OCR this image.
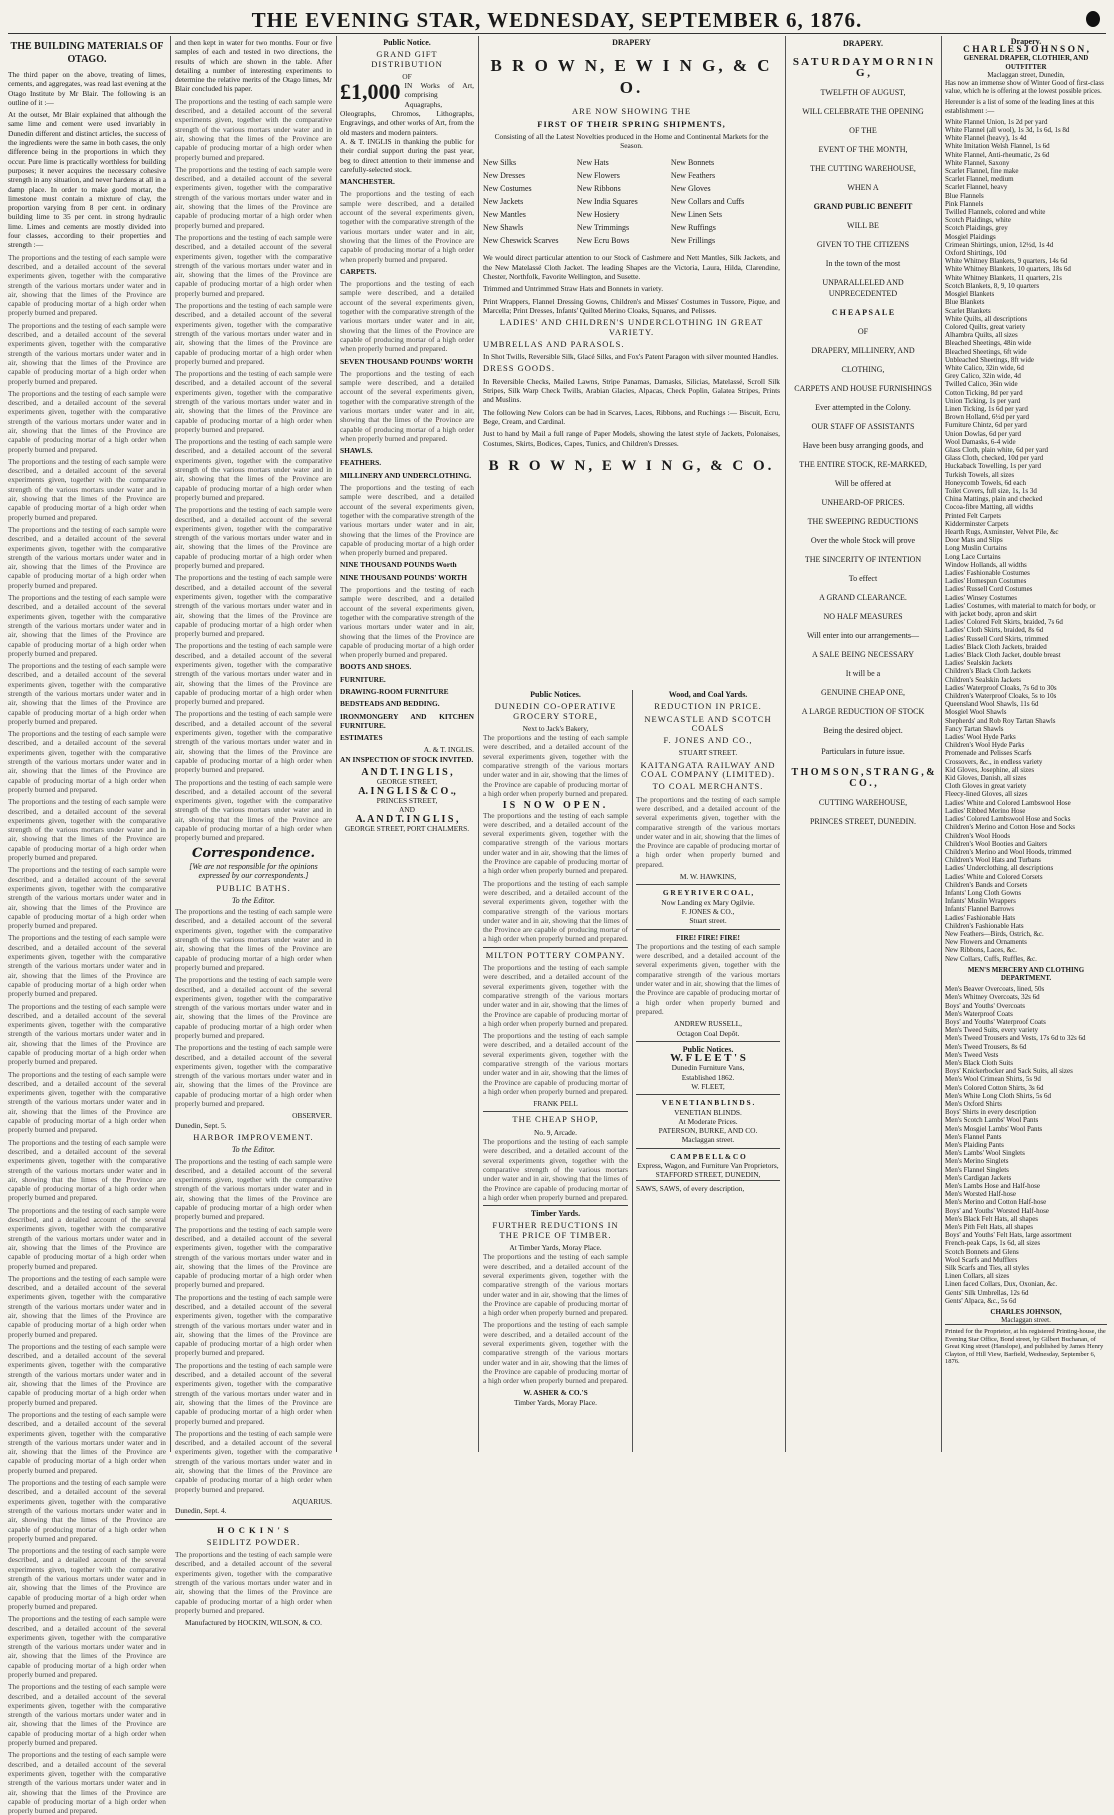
THE EVENING STAR, WEDNESDAY, SEPTEMBER 6, 1876.
THE BUILDING MATERIALS OF OTAGO.

The third paper on the above, treating of limes, cements, and aggregates, was read last evening at the Otago Institute by Mr Blair. The following is an outline of it :—

At the outset, Mr Blair explained that although the same lime and cement were used invariably in Dunedin different and distinct articles, the success of the ingredients were the same in both cases, the only difference being in the proportions in which they occur. Pure lime is practically worthless for building purposes; it never acquires the necessary cohesive strength in any situation, and never hardens at all in a damp place. In order to make good mortar, the limestone must contain a mixture of clay, the proportion varying from 8 per cent. in ordinary building lime to 35 per cent. in strong hydraulic lime. Limes and cements are mostly divided into four classes, according to their properties and strength :—

The proportions and the testing of each sample were described, and a detailed account of the several experiments given, together with the comparative strength of the various mortars under water and in air, showing that the limes of the Province are capable of producing mortar of a high order when properly burned and prepared.

The proportions and the testing of each sample were described, and a detailed account of the several experiments given, together with the comparative strength of the various mortars under water and in air, showing that the limes of the Province are capable of producing mortar of a high order when properly burned and prepared.

The proportions and the testing of each sample were described, and a detailed account of the several experiments given, together with the comparative strength of the various mortars under water and in air, showing that the limes of the Province are capable of producing mortar of a high order when properly burned and prepared.

The proportions and the testing of each sample were described, and a detailed account of the several experiments given, together with the comparative strength of the various mortars under water and in air, showing that the limes of the Province are capable of producing mortar of a high order when properly burned and prepared.

The proportions and the testing of each sample were described, and a detailed account of the several experiments given, together with the comparative strength of the various mortars under water and in air, showing that the limes of the Province are capable of producing mortar of a high order when properly burned and prepared.

The proportions and the testing of each sample were described, and a detailed account of the several experiments given, together with the comparative strength of the various mortars under water and in air, showing that the limes of the Province are capable of producing mortar of a high order when properly burned and prepared.

The proportions and the testing of each sample were described, and a detailed account of the several experiments given, together with the comparative strength of the various mortars under water and in air, showing that the limes of the Province are capable of producing mortar of a high order when properly burned and prepared.

The proportions and the testing of each sample were described, and a detailed account of the several experiments given, together with the comparative strength of the various mortars under water and in air, showing that the limes of the Province are capable of producing mortar of a high order when properly burned and prepared.

The proportions and the testing of each sample were described, and a detailed account of the several experiments given, together with the comparative strength of the various mortars under water and in air, showing that the limes of the Province are capable of producing mortar of a high order when properly burned and prepared.

The proportions and the testing of each sample were described, and a detailed account of the several experiments given, together with the comparative strength of the various mortars under water and in air, showing that the limes of the Province are capable of producing mortar of a high order when properly burned and prepared.

The proportions and the testing of each sample were described, and a detailed account of the several experiments given, together with the comparative strength of the various mortars under water and in air, showing that the limes of the Province are capable of producing mortar of a high order when properly burned and prepared.

The proportions and the testing of each sample were described, and a detailed account of the several experiments given, together with the comparative strength of the various mortars under water and in air, showing that the limes of the Province are capable of producing mortar of a high order when properly burned and prepared.

The proportions and the testing of each sample were described, and a detailed account of the several experiments given, together with the comparative strength of the various mortars under water and in air, showing that the limes of the Province are capable of producing mortar of a high order when properly burned and prepared.

The proportions and the testing of each sample were described, and a detailed account of the several experiments given, together with the comparative strength of the various mortars under water and in air, showing that the limes of the Province are capable of producing mortar of a high order when properly burned and prepared.

The proportions and the testing of each sample were described, and a detailed account of the several experiments given, together with the comparative strength of the various mortars under water and in air, showing that the limes of the Province are capable of producing mortar of a high order when properly burned and prepared.

The proportions and the testing of each sample were described, and a detailed account of the several experiments given, together with the comparative strength of the various mortars under water and in air, showing that the limes of the Province are capable of producing mortar of a high order when properly burned and prepared.

The proportions and the testing of each sample were described, and a detailed account of the several experiments given, together with the comparative strength of the various mortars under water and in air, showing that the limes of the Province are capable of producing mortar of a high order when properly burned and prepared.

The proportions and the testing of each sample were described, and a detailed account of the several experiments given, together with the comparative strength of the various mortars under water and in air, showing that the limes of the Province are capable of producing mortar of a high order when properly burned and prepared.

The proportions and the testing of each sample were described, and a detailed account of the several experiments given, together with the comparative strength of the various mortars under water and in air, showing that the limes of the Province are capable of producing mortar of a high order when properly burned and prepared.

The proportions and the testing of each sample were described, and a detailed account of the several experiments given, together with the comparative strength of the various mortars under water and in air, showing that the limes of the Province are capable of producing mortar of a high order when properly burned and prepared.

The proportions and the testing of each sample were described, and a detailed account of the several experiments given, together with the comparative strength of the various mortars under water and in air, showing that the limes of the Province are capable of producing mortar of a high order when properly burned and prepared.

The proportions and the testing of each sample were described, and a detailed account of the several experiments given, together with the comparative strength of the various mortars under water and in air, showing that the limes of the Province are capable of producing mortar of a high order when properly burned and prepared.

The proportions and the testing of each sample were described, and a detailed account of the several experiments given, together with the comparative strength of the various mortars under water and in air, showing that the limes of the Province are capable of producing mortar of a high order when properly burned and prepared.

and then kept in water for two months. Four or five samples of each and tested in two directions, the results of which are shown in the table. After detailing a number of interesting experiments to determine the relative merits of the Otago limes, Mr Blair concluded his paper.

The proportions and the testing of each sample were described, and a detailed account of the several experiments given, together with the comparative strength of the various mortars under water and in air, showing that the limes of the Province are capable of producing mortar of a high order when properly burned and prepared.

The proportions and the testing of each sample were described, and a detailed account of the several experiments given, together with the comparative strength of the various mortars under water and in air, showing that the limes of the Province are capable of producing mortar of a high order when properly burned and prepared.

The proportions and the testing of each sample were described, and a detailed account of the several experiments given, together with the comparative strength of the various mortars under water and in air, showing that the limes of the Province are capable of producing mortar of a high order when properly burned and prepared.

The proportions and the testing of each sample were described, and a detailed account of the several experiments given, together with the comparative strength of the various mortars under water and in air, showing that the limes of the Province are capable of producing mortar of a high order when properly burned and prepared.

The proportions and the testing of each sample were described, and a detailed account of the several experiments given, together with the comparative strength of the various mortars under water and in air, showing that the limes of the Province are capable of producing mortar of a high order when properly burned and prepared.

The proportions and the testing of each sample were described, and a detailed account of the several experiments given, together with the comparative strength of the various mortars under water and in air, showing that the limes of the Province are capable of producing mortar of a high order when properly burned and prepared.

The proportions and the testing of each sample were described, and a detailed account of the several experiments given, together with the comparative strength of the various mortars under water and in air, showing that the limes of the Province are capable of producing mortar of a high order when properly burned and prepared.

The proportions and the testing of each sample were described, and a detailed account of the several experiments given, together with the comparative strength of the various mortars under water and in air, showing that the limes of the Province are capable of producing mortar of a high order when properly burned and prepared.

The proportions and the testing of each sample were described, and a detailed account of the several experiments given, together with the comparative strength of the various mortars under water and in air, showing that the limes of the Province are capable of producing mortar of a high order when properly burned and prepared.

The proportions and the testing of each sample were described, and a detailed account of the several experiments given, together with the comparative strength of the various mortars under water and in air, showing that the limes of the Province are capable of producing mortar of a high order when properly burned and prepared.

The proportions and the testing of each sample were described, and a detailed account of the several experiments given, together with the comparative strength of the various mortars under water and in air, showing that the limes of the Province are capable of producing mortar of a high order when properly burned and prepared.

Correspondence.

[We are not responsible for the opinions expressed by our correspondents.]

PUBLIC BATHS.
To the Editor.

The proportions and the testing of each sample were described, and a detailed account of the several experiments given, together with the comparative strength of the various mortars under water and in air, showing that the limes of the Province are capable of producing mortar of a high order when properly burned and prepared.

The proportions and the testing of each sample were described, and a detailed account of the several experiments given, together with the comparative strength of the various mortars under water and in air, showing that the limes of the Province are capable of producing mortar of a high order when properly burned and prepared.

The proportions and the testing of each sample were described, and a detailed account of the several experiments given, together with the comparative strength of the various mortars under water and in air, showing that the limes of the Province are capable of producing mortar of a high order when properly burned and prepared.

OBSERVER.
Dunedin, Sept. 5.
HARBOR IMPROVEMENT.
To the Editor.

The proportions and the testing of each sample were described, and a detailed account of the several experiments given, together with the comparative strength of the various mortars under water and in air, showing that the limes of the Province are capable of producing mortar of a high order when properly burned and prepared.

The proportions and the testing of each sample were described, and a detailed account of the several experiments given, together with the comparative strength of the various mortars under water and in air, showing that the limes of the Province are capable of producing mortar of a high order when properly burned and prepared.

The proportions and the testing of each sample were described, and a detailed account of the several experiments given, together with the comparative strength of the various mortars under water and in air, showing that the limes of the Province are capable of producing mortar of a high order when properly burned and prepared.

The proportions and the testing of each sample were described, and a detailed account of the several experiments given, together with the comparative strength of the various mortars under water and in air, showing that the limes of the Province are capable of producing mortar of a high order when properly burned and prepared.

The proportions and the testing of each sample were described, and a detailed account of the several experiments given, together with the comparative strength of the various mortars under water and in air, showing that the limes of the Province are capable of producing mortar of a high order when properly burned and prepared.

AQUARIUS.
Dunedin, Sept. 4.
H O C K I N ' S
SEIDLITZ POWDER.

The proportions and the testing of each sample were described, and a detailed account of the several experiments given, together with the comparative strength of the various mortars under water and in air, showing that the limes of the Province are capable of producing mortar of a high order when properly burned and prepared.

Manufactured by HOCKIN, WILSON, & CO.
Public Notice.
GRAND GIFT DISTRIBUTION
OF
£1,000 IN Works of Art, comprising Aquagraphs, Oleographs, Chromos, Lithographs, Engravings, and other works of Art, from the old masters and modern painters.

A. & T. INGLIS in thanking the public for their cordial support during the past year, beg to direct attention to their immense and carefully-selected stock.

MANCHESTER.

The proportions and the testing of each sample were described, and a detailed account of the several experiments given, together with the comparative strength of the various mortars under water and in air, showing that the limes of the Province are capable of producing mortar of a high order when properly burned and prepared.

CARPETS.

The proportions and the testing of each sample were described, and a detailed account of the several experiments given, together with the comparative strength of the various mortars under water and in air, showing that the limes of the Province are capable of producing mortar of a high order when properly burned and prepared.

SEVEN THOUSAND POUNDS' WORTH

The proportions and the testing of each sample were described, and a detailed account of the several experiments given, together with the comparative strength of the various mortars under water and in air, showing that the limes of the Province are capable of producing mortar of a high order when properly burned and prepared.

SHAWLS.

FEATHERS.

MILLINERY AND UNDERCLOTHING.

The proportions and the testing of each sample were described, and a detailed account of the several experiments given, together with the comparative strength of the various mortars under water and in air, showing that the limes of the Province are capable of producing mortar of a high order when properly burned and prepared.

NINE THOUSAND POUNDS Worth

NINE THOUSAND POUNDS' WORTH

The proportions and the testing of each sample were described, and a detailed account of the several experiments given, together with the comparative strength of the various mortars under water and in air, showing that the limes of the Province are capable of producing mortar of a high order when properly burned and prepared.

BOOTS AND SHOES.

FURNITURE.

DRAWING-ROOM FURNITURE

BEDSTEADS AND BEDDING.

IRONMONGERY AND KITCHEN FURNITURE.

ESTIMATES

A. & T. INGLIS.

AN INSPECTION OF STOCK INVITED.

A N D T. I N G L I S ,
GEORGE STREET,
A. I N G L I S & C O .,
PRINCES STREET,
AND
A. A N D T. I N G L I S ,
GEORGE STREET, PORT CHALMERS.
DRAPERY
B R O W N, E W I N G, & C O.
ARE NOW SHOWING THE
FIRST OF THEIR SPRING SHIPMENTS,

Consisting of all the Latest Novelties produced in the Home and Continental Markets for the Season.

New Silks
New Dresses
New Costumes
New Jackets
New Mantles
New Shawls
New Cheswick Scarves

New Hats
New Flowers
New Ribbons
New India Squares
New Hosiery
New Trimmings
New Ecru Bows

New Bonnets
New Feathers
New Gloves
New Collars and Cuffs
New Linen Sets
New Ruffings
New Frillings

We would direct particular attention to our Stock of Cashmere and Nett Mantles, Silk Jackets, and the New Matelassé Cloth Jacket. The leading Shapes are the Victoria, Laura, Hilda, Clarendine, Chester, Northfolk, Favorite Wellington, and Susette.

Trimmed and Untrimmed Straw Hats and Bonnets in variety.

Print Wrappers, Flannel Dressing Gowns, Children's and Misses' Costumes in Tussore, Pique, and Marcella; Print Dresses, Infants' Quilted Merino Cloaks, Squares, and Pelisses.

LADIES' AND CHILDREN'S UNDERCLOTHING IN GREAT VARIETY.
UMBRELLAS AND PARASOLS.

In Shot Twills, Reversible Silk, Glacé Silks, and Fox's Patent Paragon with silver mounted Handles.

DRESS GOODS.

In Reversible Checks, Mailed Lawns, Stripe Panamas, Damasks, Silicias, Matelassé, Scroll Silk Stripes, Silk Warp Check Twills, Arabian Glacies, Alpacas, Check Poplin, Galatea Stripes, Prints and Muslins.

The following New Colors can be had in Scarves, Laces, Ribbons, and Ruchings :— Biscuit, Ecru, Bege, Cream, and Cardinal.

Just to hand by Mail a full range of Paper Models, showing the latest style of Jackets, Polonaises, Costumes, Skirts, Bodices, Capes, Tunics, and Children's Dresses.

B R O W N, E W I N G, & C O.
Public Notices.
DUNEDIN CO-OPERATIVE GROCERY STORE,
Next to Jack's Bakery,

The proportions and the testing of each sample were described, and a detailed account of the several experiments given, together with the comparative strength of the various mortars under water and in air, showing that the limes of the Province are capable of producing mortar of a high order when properly burned and prepared.

IS NOW OPEN.

The proportions and the testing of each sample were described, and a detailed account of the several experiments given, together with the comparative strength of the various mortars under water and in air, showing that the limes of the Province are capable of producing mortar of a high order when properly burned and prepared.

The proportions and the testing of each sample were described, and a detailed account of the several experiments given, together with the comparative strength of the various mortars under water and in air, showing that the limes of the Province are capable of producing mortar of a high order when properly burned and prepared.

MILTON POTTERY COMPANY.

The proportions and the testing of each sample were described, and a detailed account of the several experiments given, together with the comparative strength of the various mortars under water and in air, showing that the limes of the Province are capable of producing mortar of a high order when properly burned and prepared.

The proportions and the testing of each sample were described, and a detailed account of the several experiments given, together with the comparative strength of the various mortars under water and in air, showing that the limes of the Province are capable of producing mortar of a high order when properly burned and prepared.

FRANK PELL
THE CHEAP SHOP,
No. 9, Arcade.

The proportions and the testing of each sample were described, and a detailed account of the several experiments given, together with the comparative strength of the various mortars under water and in air, showing that the limes of the Province are capable of producing mortar of a high order when properly burned and prepared.

Timber Yards.
FURTHER REDUCTIONS IN THE PRICE OF TIMBER.
At Timber Yards, Moray Place.

The proportions and the testing of each sample were described, and a detailed account of the several experiments given, together with the comparative strength of the various mortars under water and in air, showing that the limes of the Province are capable of producing mortar of a high order when properly burned and prepared.

The proportions and the testing of each sample were described, and a detailed account of the several experiments given, together with the comparative strength of the various mortars under water and in air, showing that the limes of the Province are capable of producing mortar of a high order when properly burned and prepared.

W. ASHER & CO.'S
Timber Yards, Moray Place.
Wood, and Coal Yards.
REDUCTION IN PRICE.
NEWCASTLE AND SCOTCH COALS
F. JONES AND CO.,
STUART STREET.
KAITANGATA RAILWAY AND COAL COMPANY (LIMITED).
TO COAL MERCHANTS.

The proportions and the testing of each sample were described, and a detailed account of the several experiments given, together with the comparative strength of the various mortars under water and in air, showing that the limes of the Province are capable of producing mortar of a high order when properly burned and prepared.

M. W. HAWKINS,
G R E Y R I V E R C O A L ,
Now Landing ex Mary Ogilvie.
F. JONES & CO.,
Stuart street.
FIRE! FIRE! FIRE!

The proportions and the testing of each sample were described, and a detailed account of the several experiments given, together with the comparative strength of the various mortars under water and in air, showing that the limes of the Province are capable of producing mortar of a high order when properly burned and prepared.

ANDREW RUSSELL,
Octagon Coal Depôt.
Public Notices.
W. F L E E T ' S
Dunedin Furniture Vans,
Established 1862.
W. FLEET,
V E N E T I A N B L I N D S .
VENETIAN BLINDS.
At Moderate Prices.
PATERSON, BURKE, AND CO.
Maclaggan street.
C A M P B E L L & C O
Express, Wagon, and Furniture Van Proprietors,
STAFFORD STREET, DUNEDIN,

SAWS, SAWS, of every description,

DRAPERY.
S A T U R D A Y M O R N I N G ,
TWELFTH OF AUGUST,
WILL CELEBRATE THE OPENING
OF THE
EVENT OF THE MONTH,
THE CUTTING WAREHOUSE,
WHEN A
GRAND PUBLIC BENEFIT
WILL BE
GIVEN TO THE CITIZENS
In the town of the most
UNPARALLELED AND UNPRECEDENTED
C H E A P S A L E
OF
DRAPERY, MILLINERY, AND
CLOTHING,
CARPETS AND HOUSE FURNISHINGS
Ever attempted in the Colony.
OUR STAFF OF ASSISTANTS
Have been busy arranging goods, and
THE ENTIRE STOCK, RE-MARKED,
Will be offered at
UNHEARD-OF PRICES.
THE SWEEPING REDUCTIONS
Over the whole Stock will prove
THE SINCERITY OF INTENTION
To effect
A GRAND CLEARANCE.
NO HALF MEASURES
Will enter into our arrangements—
A SALE BEING NECESSARY
It will be a
GENUINE CHEAP ONE,
A LARGE REDUCTION OF STOCK
Being the desired object.
Particulars in future issue.
T H O M S O N , S T R A N G , & C O . ,
CUTTING WAREHOUSE,
PRINCES STREET, DUNEDIN.
Drapery.
C H A R L E S J O H N S O N ,
GENERAL DRAPER, CLOTHIER, AND OUTFITTER
Maclaggan street, Dunedin,

Has now an immense show of Winter Good of first-class value, which he is offering at the lowest possible prices.

Hereunder is a list of some of the leading lines at this establishment :—

White Flannel Union, 1s 2d per yard
White Flannel (all wool), 1s 3d, 1s 6d, 1s 8d
White Flannel (heavy), 1s 4d
White Imitation Welsh Flannel, 1s 6d
White Flannel, Anti-rheumatic, 2s 6d
White Flannel, Saxony
Scarlet Flannel, fine make
Scarlet Flannel, medium
Scarlet Flannel, heavy
Blue Flannels
Pink Flannels
Twilled Flannels, colored and white
Scotch Plaidings, white
Scotch Plaidings, grey
Mosgiel Plaidings
Crimean Shirtings, union, 12½d, 1s 4d
Oxford Shirtings, 10d
White Whitney Blankets, 9 quarters, 14s 6d
White Whitney Blankets, 10 quarters, 18s 6d
White Whitney Blankets, 11 quarters, 21s
Scotch Blankets, 8, 9, 10 quarters
Mosgiel Blankets
Blue Blankets
Scarlet Blankets
White Quilts, all descriptions
Colored Quilts, great variety
Alhambra Quilts, all sizes
Bleached Sheetings, 48in wide
Bleached Sheetings, 6ft wide
Unbleached Sheetings, 8ft wide
White Calico, 32in wide, 6d
Grey Calico, 32in wide, 4d
Twilled Calico, 36in wide
Cotton Ticking, 8d per yard
Union Ticking, 1s per yard
Linen Ticking, 1s 6d per yard
Brown Holland, 6½d per yard
Furniture Chintz, 6d per yard
Union Dowlas, 6d per yard
Wool Damasks, 6-4 wide
Glass Cloth, plain white, 6d per yard
Glass Cloth, checked, 10d per yard
Huckaback Towelling, 1s per yard
Turkish Towels, all sizes
Honeycomb Towels, 6d each
Toilet Covers, full size, 1s, 1s 3d
China Mattings, plain and checked
Cocoa-fibre Matting, all widths
Printed Felt Carpets
Kidderminster Carpets
Hearth Rugs, Axminster, Velvet Pile, &c
Door Mats and Slips
Long Muslin Curtains
Long Lace Curtains
Window Hollands, all widths
Ladies' Fashionable Costumes
Ladies' Homespun Costumes
Ladies' Russell Cord Costumes
Ladies' Winsey Costumes
Ladies' Costumes, with material to match for body, or with jacket body, apron and skirt
Ladies' Colored Felt Skirts, braided, 7s 6d
Ladies' Cloth Skirts, braided, 8s 6d
Ladies' Russell Cord Skirts, trimmed
Ladies' Black Cloth Jackets, braided
Ladies' Black Cloth Jacket, double breast
Ladies' Sealskin Jackets
Children's Black Cloth Jackets
Children's Sealskin Jackets
Ladies' Waterproof Cloaks, 7s 6d to 30s
Children's Waterproof Cloaks, 5s to 10s
Queensland Wool Shawls, 11s 6d
Mosgiel Wool Shawls
Shepherds' and Rob Roy Tartan Shawls
Fancy Tartan Shawls
Ladies' Wool Hyde Parks
Children's Wool Hyde Parks
Promenade and Pelisses Scarfs
Crossovers, &c., in endless variety
Kid Gloves, Josephine, all sizes
Kid Gloves, Danish, all sizes
Cloth Gloves in great variety
Fleecy-lined Gloves, all sizes
Ladies' White and Colored Lambswool Hose
Ladies' Ribbed Merino Hose
Ladies' Colored Lambswool Hose and Socks
Children's Merino and Cotton Hose and Socks
Children's Wool Hoods
Children's Wool Booties and Gaiters
Children's Merino and Wool Hoods, trimmed
Children's Wool Hats and Turbans
Ladies' Underclothing, all descriptions
Ladies' White and Colored Corsets
Children's Bands and Corsets
Infants' Long Cloth Gowns
Infants' Muslin Wrappers
Infants' Flannel Barrows
Ladies' Fashionable Hats
Children's Fashionable Hats
New Feathers—Birds, Ostrich, &c.
New Flowers and Ornaments
New Ribbons, Laces, &c.
New Collars, Cuffs, Ruffles, &c.
MEN'S MERCERY AND CLOTHING DEPARTMENT.
Men's Beaver Overcoats, lined, 50s
Men's Whitney Overcoats, 32s 6d
Boys' and Youths' Overcoats
Men's Waterproof Coats
Boys' and Youths' Waterproof Coats
Men's Tweed Suits, every variety
Men's Tweed Trousers and Vests, 17s 6d to 32s 6d
Men's Tweed Trousers, 8s 6d
Men's Tweed Vests
Men's Black Cloth Suits
Boys' Knickerbocker and Sack Suits, all sizes
Men's Wool Crimean Shirts, 5s 9d
Men's Colored Cotton Shirts, 3s 6d
Men's White Long Cloth Shirts, 5s 6d
Men's Oxford Shirts
Boys' Shirts in every description
Men's Scotch Lambs' Wool Pants
Men's Mosgiel Lambs' Wool Pants
Men's Flannel Pants
Men's Plaiding Pants
Men's Lambs' Wool Singlets
Men's Merino Singlets
Men's Flannel Singlets
Men's Cardigan Jackets
Men's Lambs Hose and Half-hose
Men's Worsted Half-hose
Men's Merino and Cotton Half-hose
Boys' and Youths' Worsted Half-hose
Men's Black Felt Hats, all shapes
Men's Pith Felt Hats, all shapes
Boys' and Youths' Felt Hats, large assortment
French-peak Caps, 1s 6d, all sizes
Scotch Bonnets and Glens
Wool Scarfs and Mufflers
Silk Scarfs and Ties, all styles
Linen Collars, all sizes
Linen faced Collars, Dux, Oxonian, &c.
Gents' Silk Umbrellas, 12s 6d
Gents' Alpaca, &c., 5s 6d
CHARLES JOHNSON,
Maclaggan street.

Printed for the Proprietor, at his registered Printing-house, the Evening Star Office, Bond street, by Gilbert Buchanan, of Great King street (Hanslope), and published by James Henry Clayton, of Hill View, Barfield, Wednesday, September 6, 1876.
